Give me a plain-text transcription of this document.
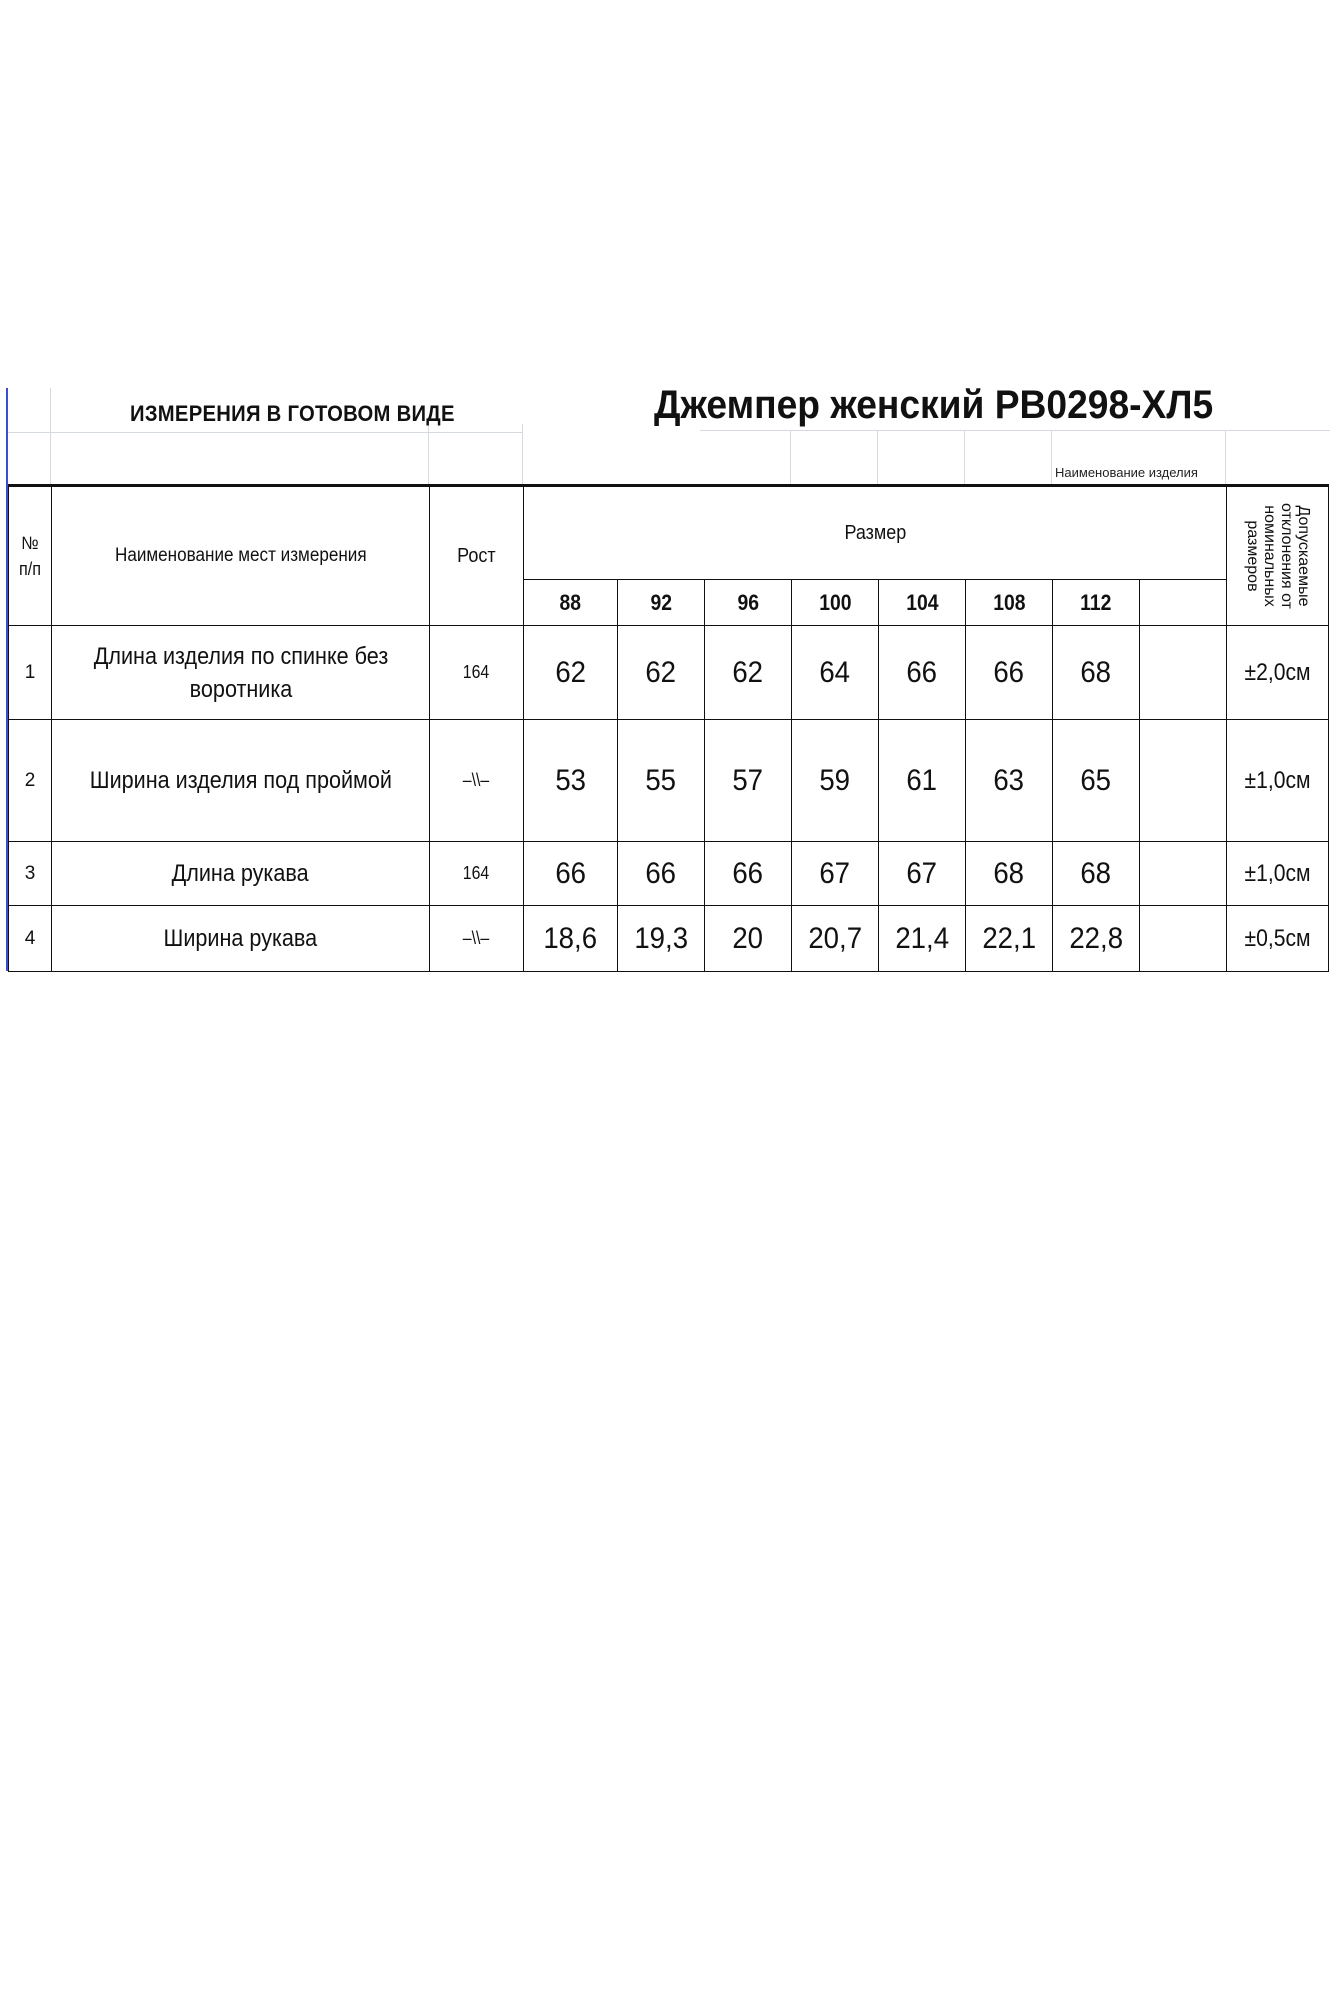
ИЗМЕРЕНИЯ В ГОТОВОМ ВИДЕ	Джемпер женский РВ0298-ХЛ5
Наименование изделия
№ п/п	Наименование мест измерения	Рост	Размер								Допускаемые отклонения от номинальных размеров

			88	92	96	100	104	108	112		
1	Длина изделия по спинке без воротника	164	62	62	62	64	66	66	68		±2,0см
2	Ширина изделия под проймой	–\\–	53	55	57	59	61	63	65		±1,0см
3	Длина рукава	164	66	66	66	67	67	68	68		±1,0см
4	Ширина рукава	–\\–	18,6	19,3	20	20,7	21,4	22,1	22,8		±0,5см
